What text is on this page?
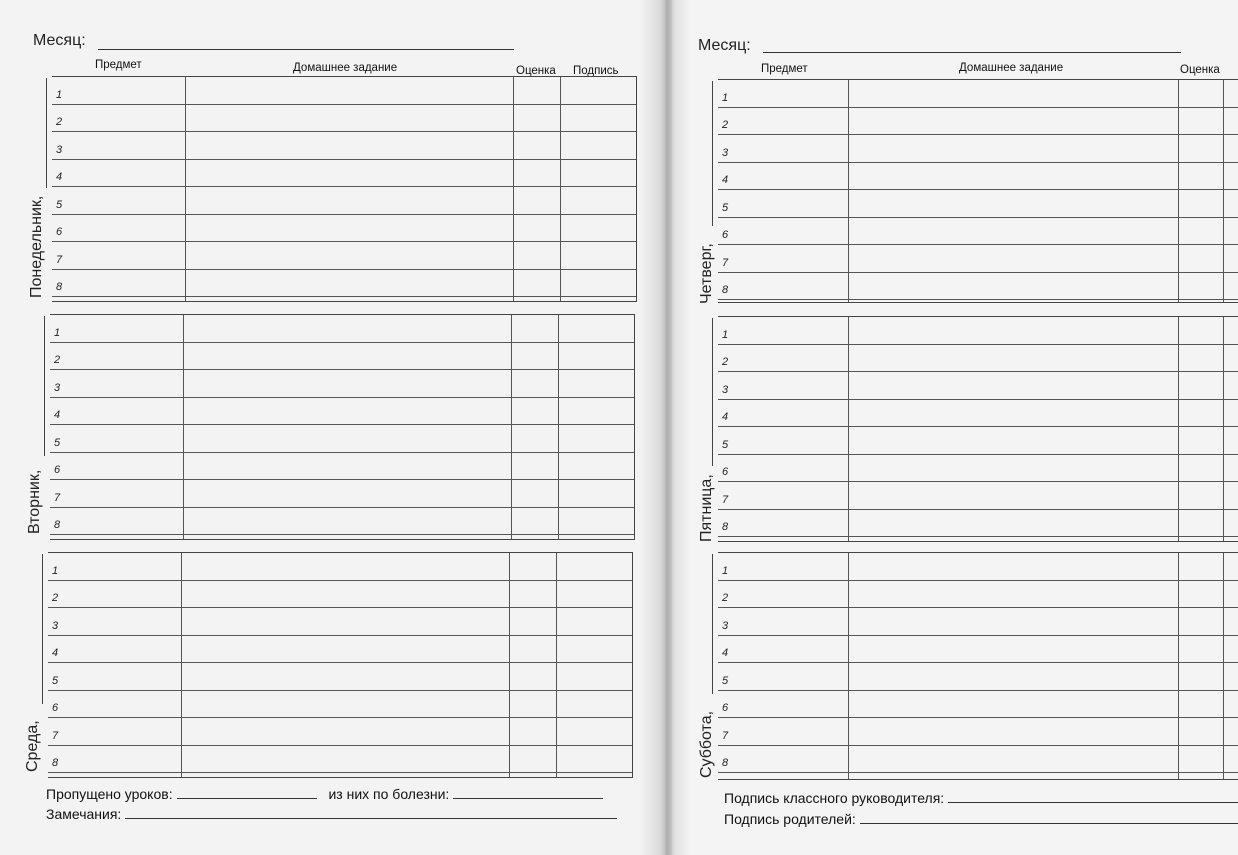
Месяц:
Предмет	Домашнее задание	Оценка Подпись
1
2
3
4
5
6
7
8
Понедельник,
1
2
3
4
5
6
7
8
Вторник,
1
2
3
4
5
6
7
8
Среда,
Пропущено уроков:	из них по болезни:
Замечания:
Месяц:
Предмет	Домашнее задание	Оценка
1
2
3
4
5
6
7
8
Четверг,
1
2
3
4
5
6
7
8
Пятница,
1
2
3
4
5
6
7
8
Суббота,
Подпись классного руководителя:
Подпись родителей:
